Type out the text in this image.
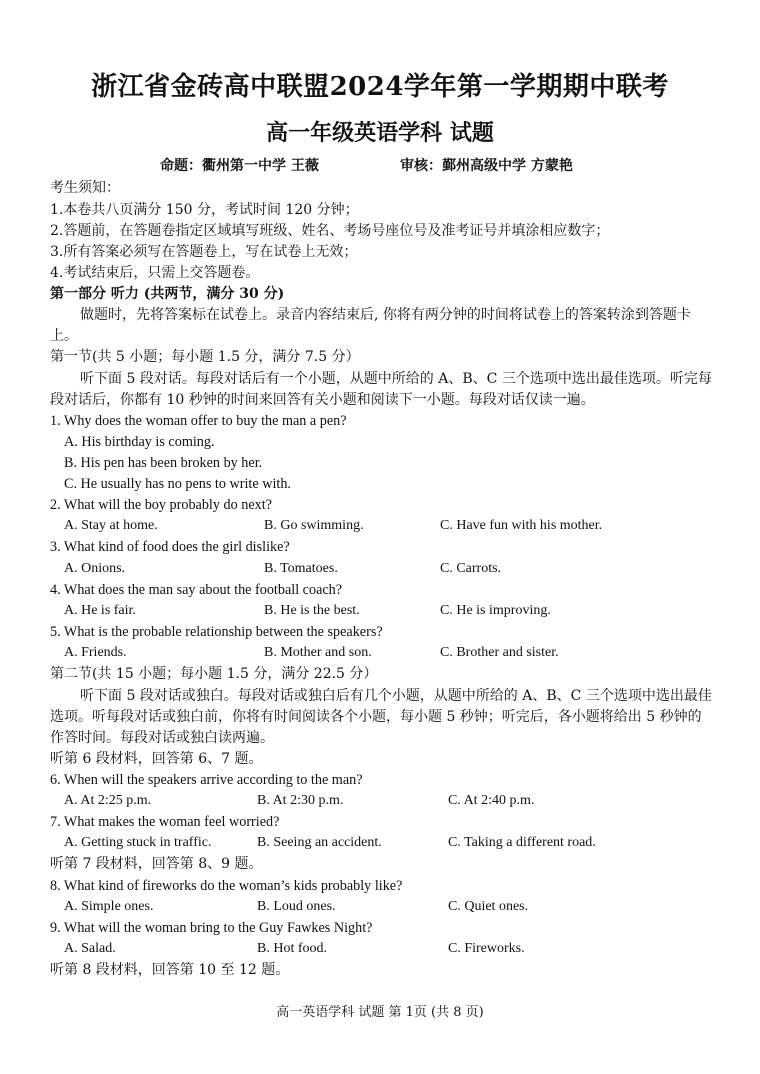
浙江省金砖高中联盟2024学年第一学期期中联考
高一年级英语学科 试题
命题：衢州第一中学 王薇	审核：鄞州高级中学 方蒙艳
考生须知：
1.本卷共八页满分 150 分，考试时间 120 分钟；
2.答题前，在答题卷指定区域填写班级、姓名、考场号座位号及准考证号并填涂相应数字；
3.所有答案必须写在答题卷上，写在试卷上无效；
4.考试结束后，只需上交答题卷。
第一部分 听力 (共两节，满分 30 分)
做题时，先将答案标在试卷上。录音内容结束后, 你将有两分钟的时间将试卷上的答案转涂到答题卡上。
第一节(共 5 小题；每小题 1.5 分，满分 7.5 分）
听下面 5 段对话。每段对话后有一个小题，从题中所给的 A、B、C 三个选项中选出最佳选项。听完每段对话后，你都有 10 秒钟的时间来回答有关小题和阅读下一小题。每段对话仅读一遍。
1. Why does the woman offer to buy the man a pen?
A. His birthday is coming.
B. His pen has been broken by her.
C. He usually has no pens to write with.
2. What will the boy probably do next?
A. Stay at home.	B. Go swimming.	C. Have fun with his mother.
3. What kind of food does the girl dislike?
A. Onions.	B. Tomatoes.	C. Carrots.
4. What does the man say about the football coach?
A. He is fair.	B. He is the best.	C. He is improving.
5. What is the probable relationship between the speakers?
A. Friends.	B. Mother and son.	C. Brother and sister.
第二节(共 15 小题；每小题 1.5 分，满分 22.5 分）
听下面 5 段对话或独白。每段对话或独白后有几个小题，从题中所给的 A、B、C 三个选项中选出最佳选项。听每段对话或独白前，你将有时间阅读各个小题，每小题 5 秒钟；听完后，各小题将给出 5 秒钟的作答时间。每段对话或独白读两遍。
听第 6 段材料，回答第 6、7 题。
6. When will the speakers arrive according to the man?
A. At 2:25 p.m.	B. At 2:30 p.m.	C. At 2:40 p.m.
7. What makes the woman feel worried?
A. Getting stuck in traffic.	B. Seeing an accident.	C. Taking a different road.
听第 7 段材料，回答第 8、9 题。
8. What kind of fireworks do the woman’s kids probably like?
A. Simple ones.	B. Loud ones.	C. Quiet ones.
9. What will the woman bring to the Guy Fawkes Night?
A. Salad.	B. Hot food.	C. Fireworks.
听第 8 段材料，回答第 10 至 12 题。
高一英语学科 试题 第 1页 (共 8 页)
